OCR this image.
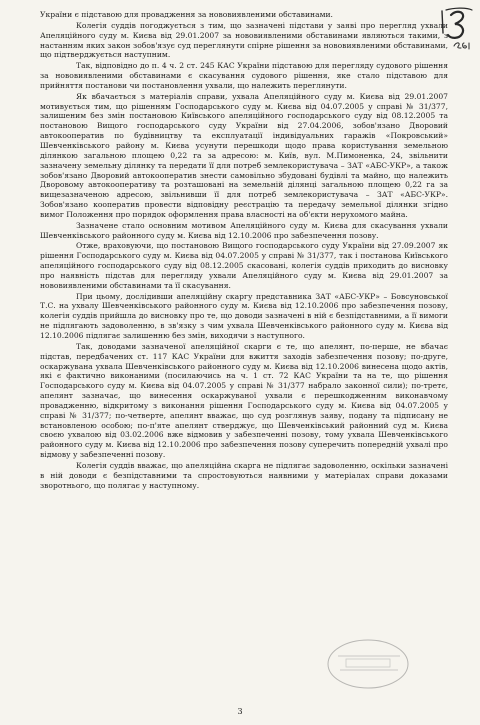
України є підставою для провадження за нововиявленими обставинами.

Колегія суддів погоджується з тим, що зазначені підстави у заяві про перегляд ухвали Апеляційного суду м. Києва від 29.01.2007 за нововиявленими обставинами являються такими, з настанням яких закон зобов'язує суд переглянути спірне рішення за нововиявленими обставинами, що підтверджується наступним.

Так, відповідно до п. 4 ч. 2 ст. 245 КАС України підставою для перегляду судового рішення за нововиявленими обставинами є скасування судового рішення, яке стало підставою для прийняття постанови чи постановлення ухвали, що належить переглянути.

Як вбачається з матеріалів справи, ухвала Апеляційного суду м. Києва від 29.01.2007 мотивується тим, що рішенням Господарського суду м. Києва від 04.07.2005 у справі № 31/377, залишеним без змін постановою Київського апеляційного господарського суду від 08.12.2005 та постановою Вищого господарського суду України від 27.04.2006, зобов'язано Дворовий автокооператив по будівництву та експлуатації індивідуальних гаражів «Покровський» Шевченківського району м. Києва усунути перешкоди щодо права користування земельною ділянкою загальною площею 0,22 га за адресою: м. Київ, вул. М.Пимоненка, 24, звільнити зазначену земельну ділянку та передати її для потреб землекористувача – ЗАТ «АБС-УКР», а також зобов'язано Дворовий автокооператив знести самовільно збудовані будівлі та майно, що належить Дворовому автокооперативу та розташовані на земельній ділянці загальною площею 0,22 га за вищезазначеною адресою, звільнивши її для потреб землекористувача – ЗАТ «АБС-УКР». Зобов'язано кооператив провести відповідну реєстрацію та передачу земельної ділянки згідно вимог Положення про порядок оформлення права власності на об'єкти нерухомого майна.

Зазначене стало основним мотивом Апеляційного суду м. Києва для скасування ухвали Шевченківського районного суду м. Києва від 12.10.2006 про забезпечення позову.

Отже, враховуючи, що постановою Вищого господарського суду України від 27.09.2007 як рішення Господарського суду м. Києва від 04.07.2005 у справі № 31/377, так і постанова Київського апеляційного господарського суду від 08.12.2005 скасовані, колегія суддів приходить до висновку про наявність підстав для перегляду ухвали Апеляційного суду м. Києва від 29.01.2007 за нововиявленими обставинами та її скасування.

При цьому, дослідивши апеляційну скаргу представника ЗАТ «АБС-УКР» – Бовсуновської Т.С. на ухвалу Шевченківського районного суду м. Києва від 12.10.2006 про забезпечення позову, колегія суддів прийшла до висновку про те, що доводи зазначені в ній є безпідставними, а її вимоги не підлягають задоволенню, в зв'язку з чим ухвала Шевченківського районного суду м. Києва від 12.10.2006 підлягає залишенню без змін, виходячи з наступного.

Так, доводами зазначеної апеляційної скарги є те, що апелянт, по-перше, не вбачає підстав, передбачених ст. 117 КАС України для вжиття заходів забезпечення позову; по-друге, оскаржувана ухвала Шевченківського районного суду м. Києва від 12.10.2006 винесена щодо актів, які є фактично виконаними (посилаючись на ч. 1 ст. 72 КАС України та на те, що рішення Господарського суду м. Києва від 04.07.2005 у справі № 31/377 набрало законної сили); по-третє, апелянт зазначає, що винесення оскаржуваної ухвали є перешкодженням виконавчому провадженню, відкритому з виконання рішення Господарського суду м. Києва від 04.07.2005 у справі № 31/377; по-четверте, апелянт вважає, що суд розглянув заяву, подану та підписану не встановленою особою; по-п'яте апелянт стверджує, що Шевченківський районний суд м. Києва своєю ухвалою від 03.02.2006 вже відмовив у забезпеченні позову, тому ухвала Шевченківського районного суду м. Києва від 12.10.2006 про забезпечення позову суперечить попередній ухвалі про відмову у забезпеченні позову.

Колегія суддів вважає, що апеляційна скарга не підлягає задоволенню, оскільки зазначені в ній доводи є безпідставними та спростовуються наявними у матеріалах справи доказами зворотнього, що полягає у наступному.

3
